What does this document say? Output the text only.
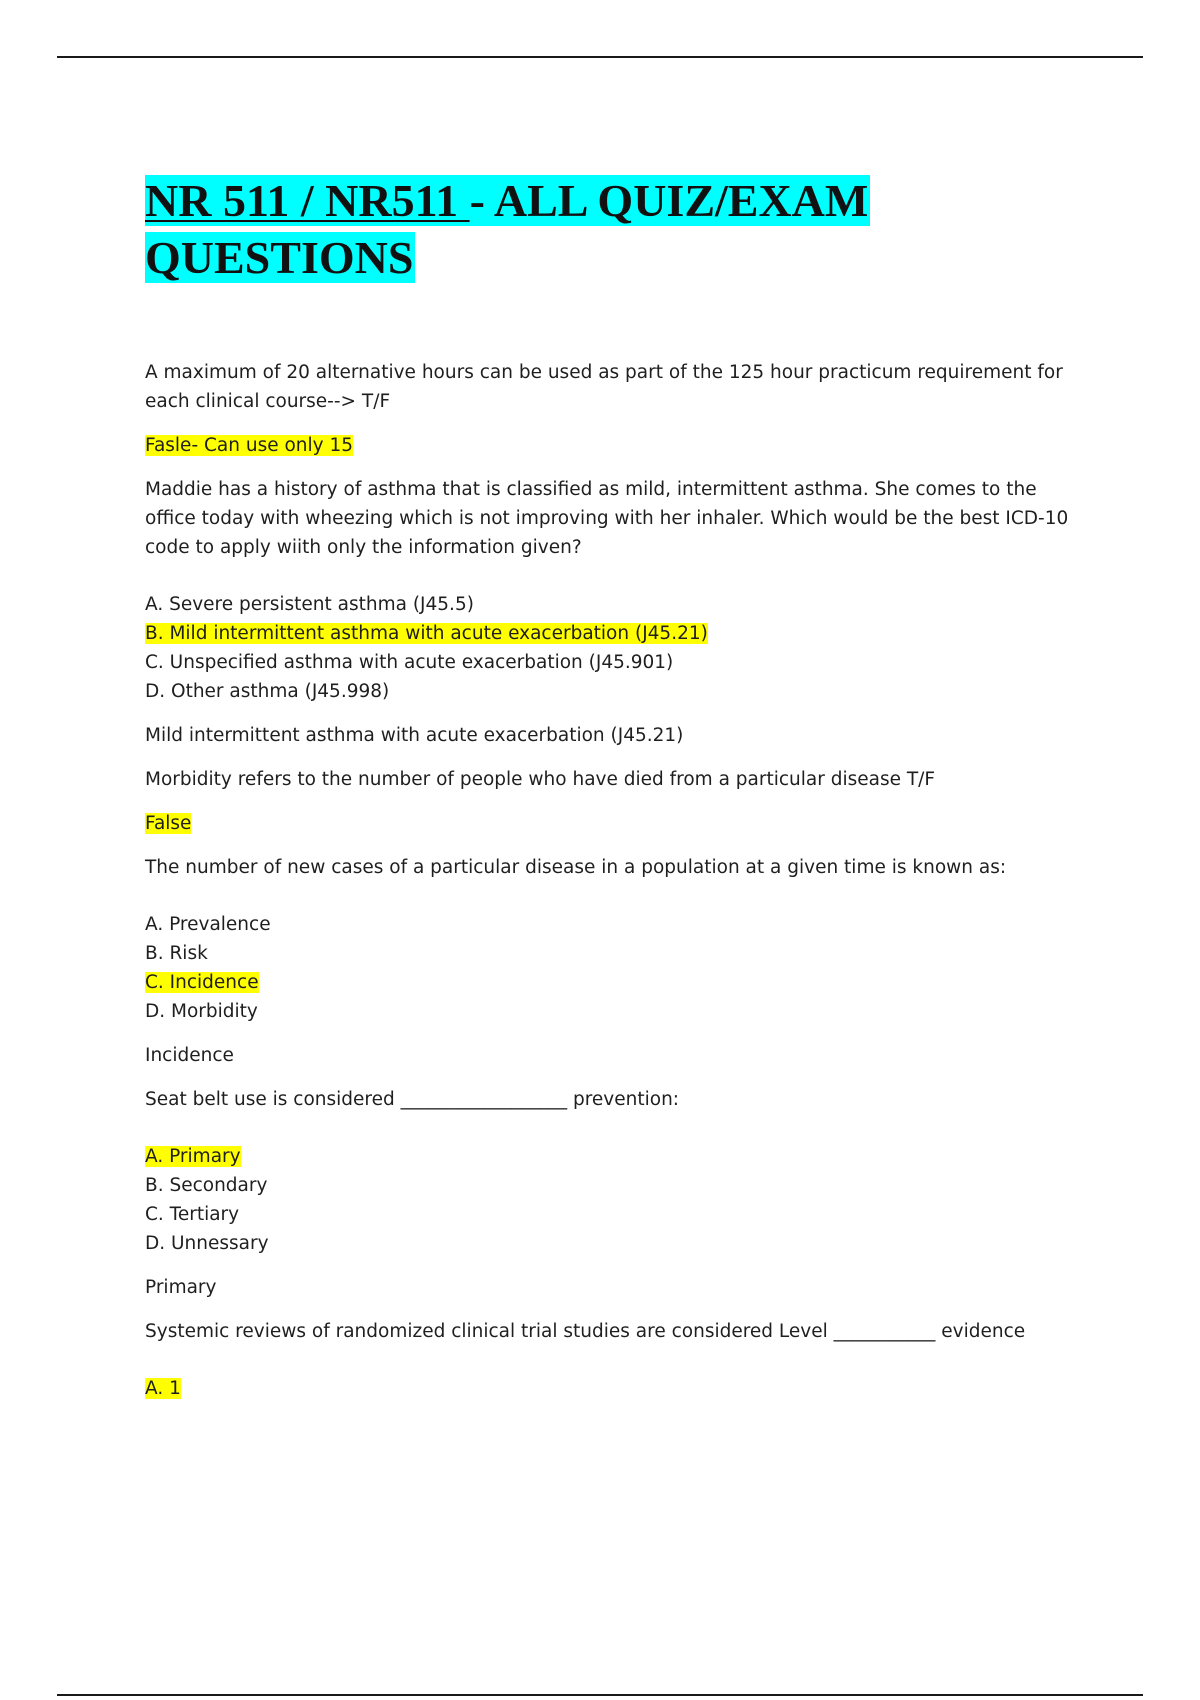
NR 511 / NR511 - ALL QUIZ/EXAM
QUESTIONS

A maximum of 20 alternative hours can be used as part of the 125 hour practicum requirement for each clinical course--> T/F

Fasle- Can use only 15

Maddie has a history of asthma that is classified as mild, intermittent asthma. She comes to the office today with wheezing which is not improving with her inhaler. Which would be the best ICD-10 code to apply wiith only the information given?

A. Severe persistent asthma (J45.5)

B. Mild intermittent asthma with acute exacerbation (J45.21)

C. Unspecified asthma with acute exacerbation (J45.901)

D. Other asthma (J45.998)

Mild intermittent asthma with acute exacerbation (J45.21)

Morbidity refers to the number of people who have died from a particular disease T/F

False

The number of new cases of a particular disease in a population at a given time is known as:

A. Prevalence

B. Risk

C. Incidence

D. Morbidity

Incidence

Seat belt use is considered __________________ prevention:

A. Primary

B. Secondary

C. Tertiary

D. Unnessary

Primary

Systemic reviews of randomized clinical trial studies are considered Level ___________ evidence

A. 1
